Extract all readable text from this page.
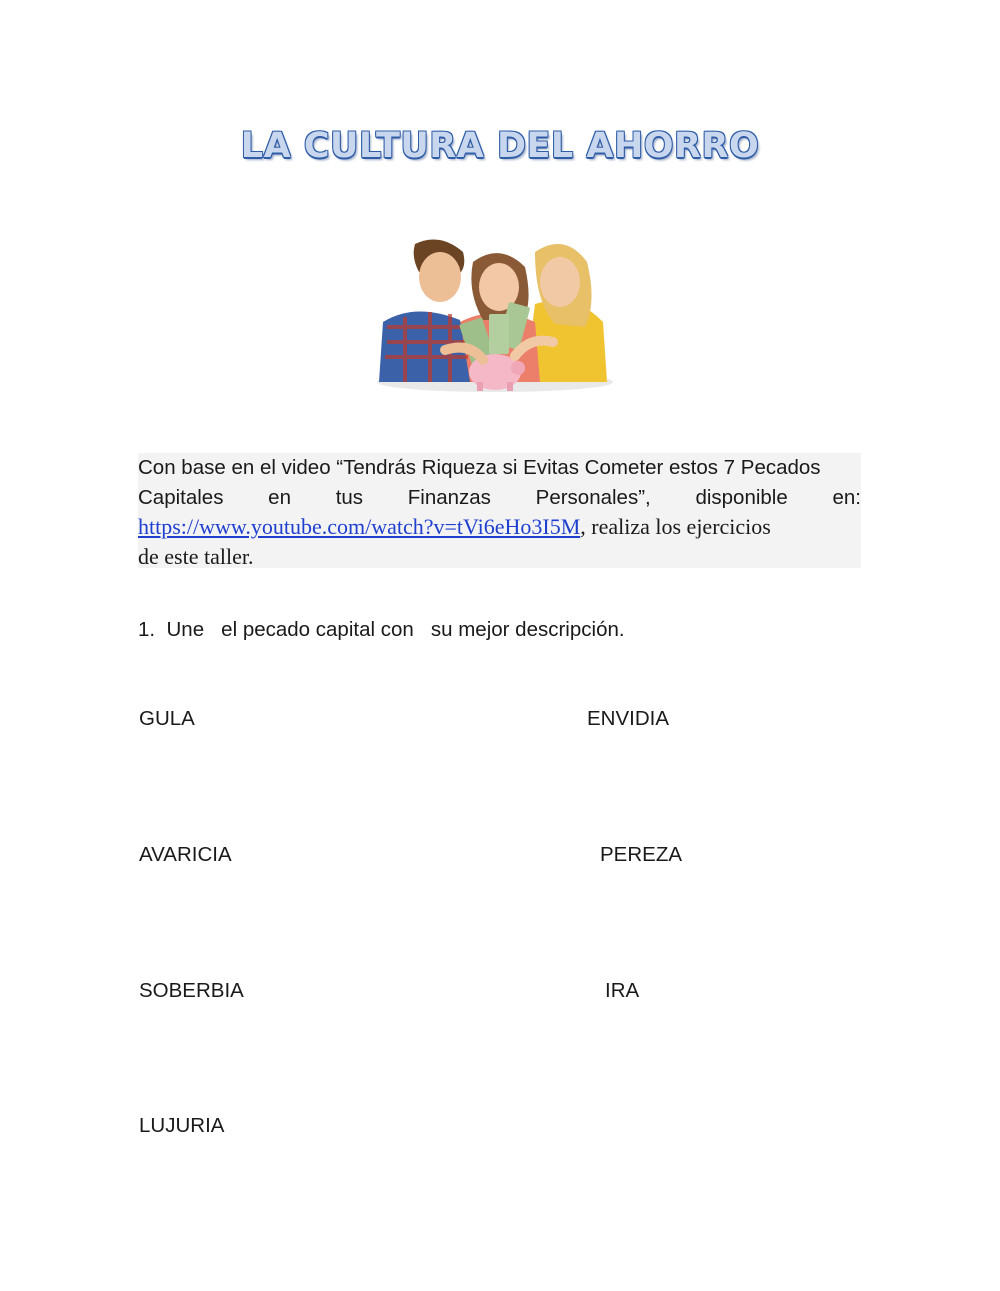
LA CULTURA DEL AHORRO
Con base en el video “Tendrás Riqueza si Evitas Cometer estos 7 Pecados
Capitales en tus Finanzas Personales”, disponible en:
https://www.youtube.com/watch?v=tVi6eHo3I5M, realiza los ejercicios
de este taller.
1.  Une   el pecado capital con   su mejor descripción.
GULA
AVARICIA
SOBERBIA
LUJURIA
ENVIDIA
PEREZA
IRA
